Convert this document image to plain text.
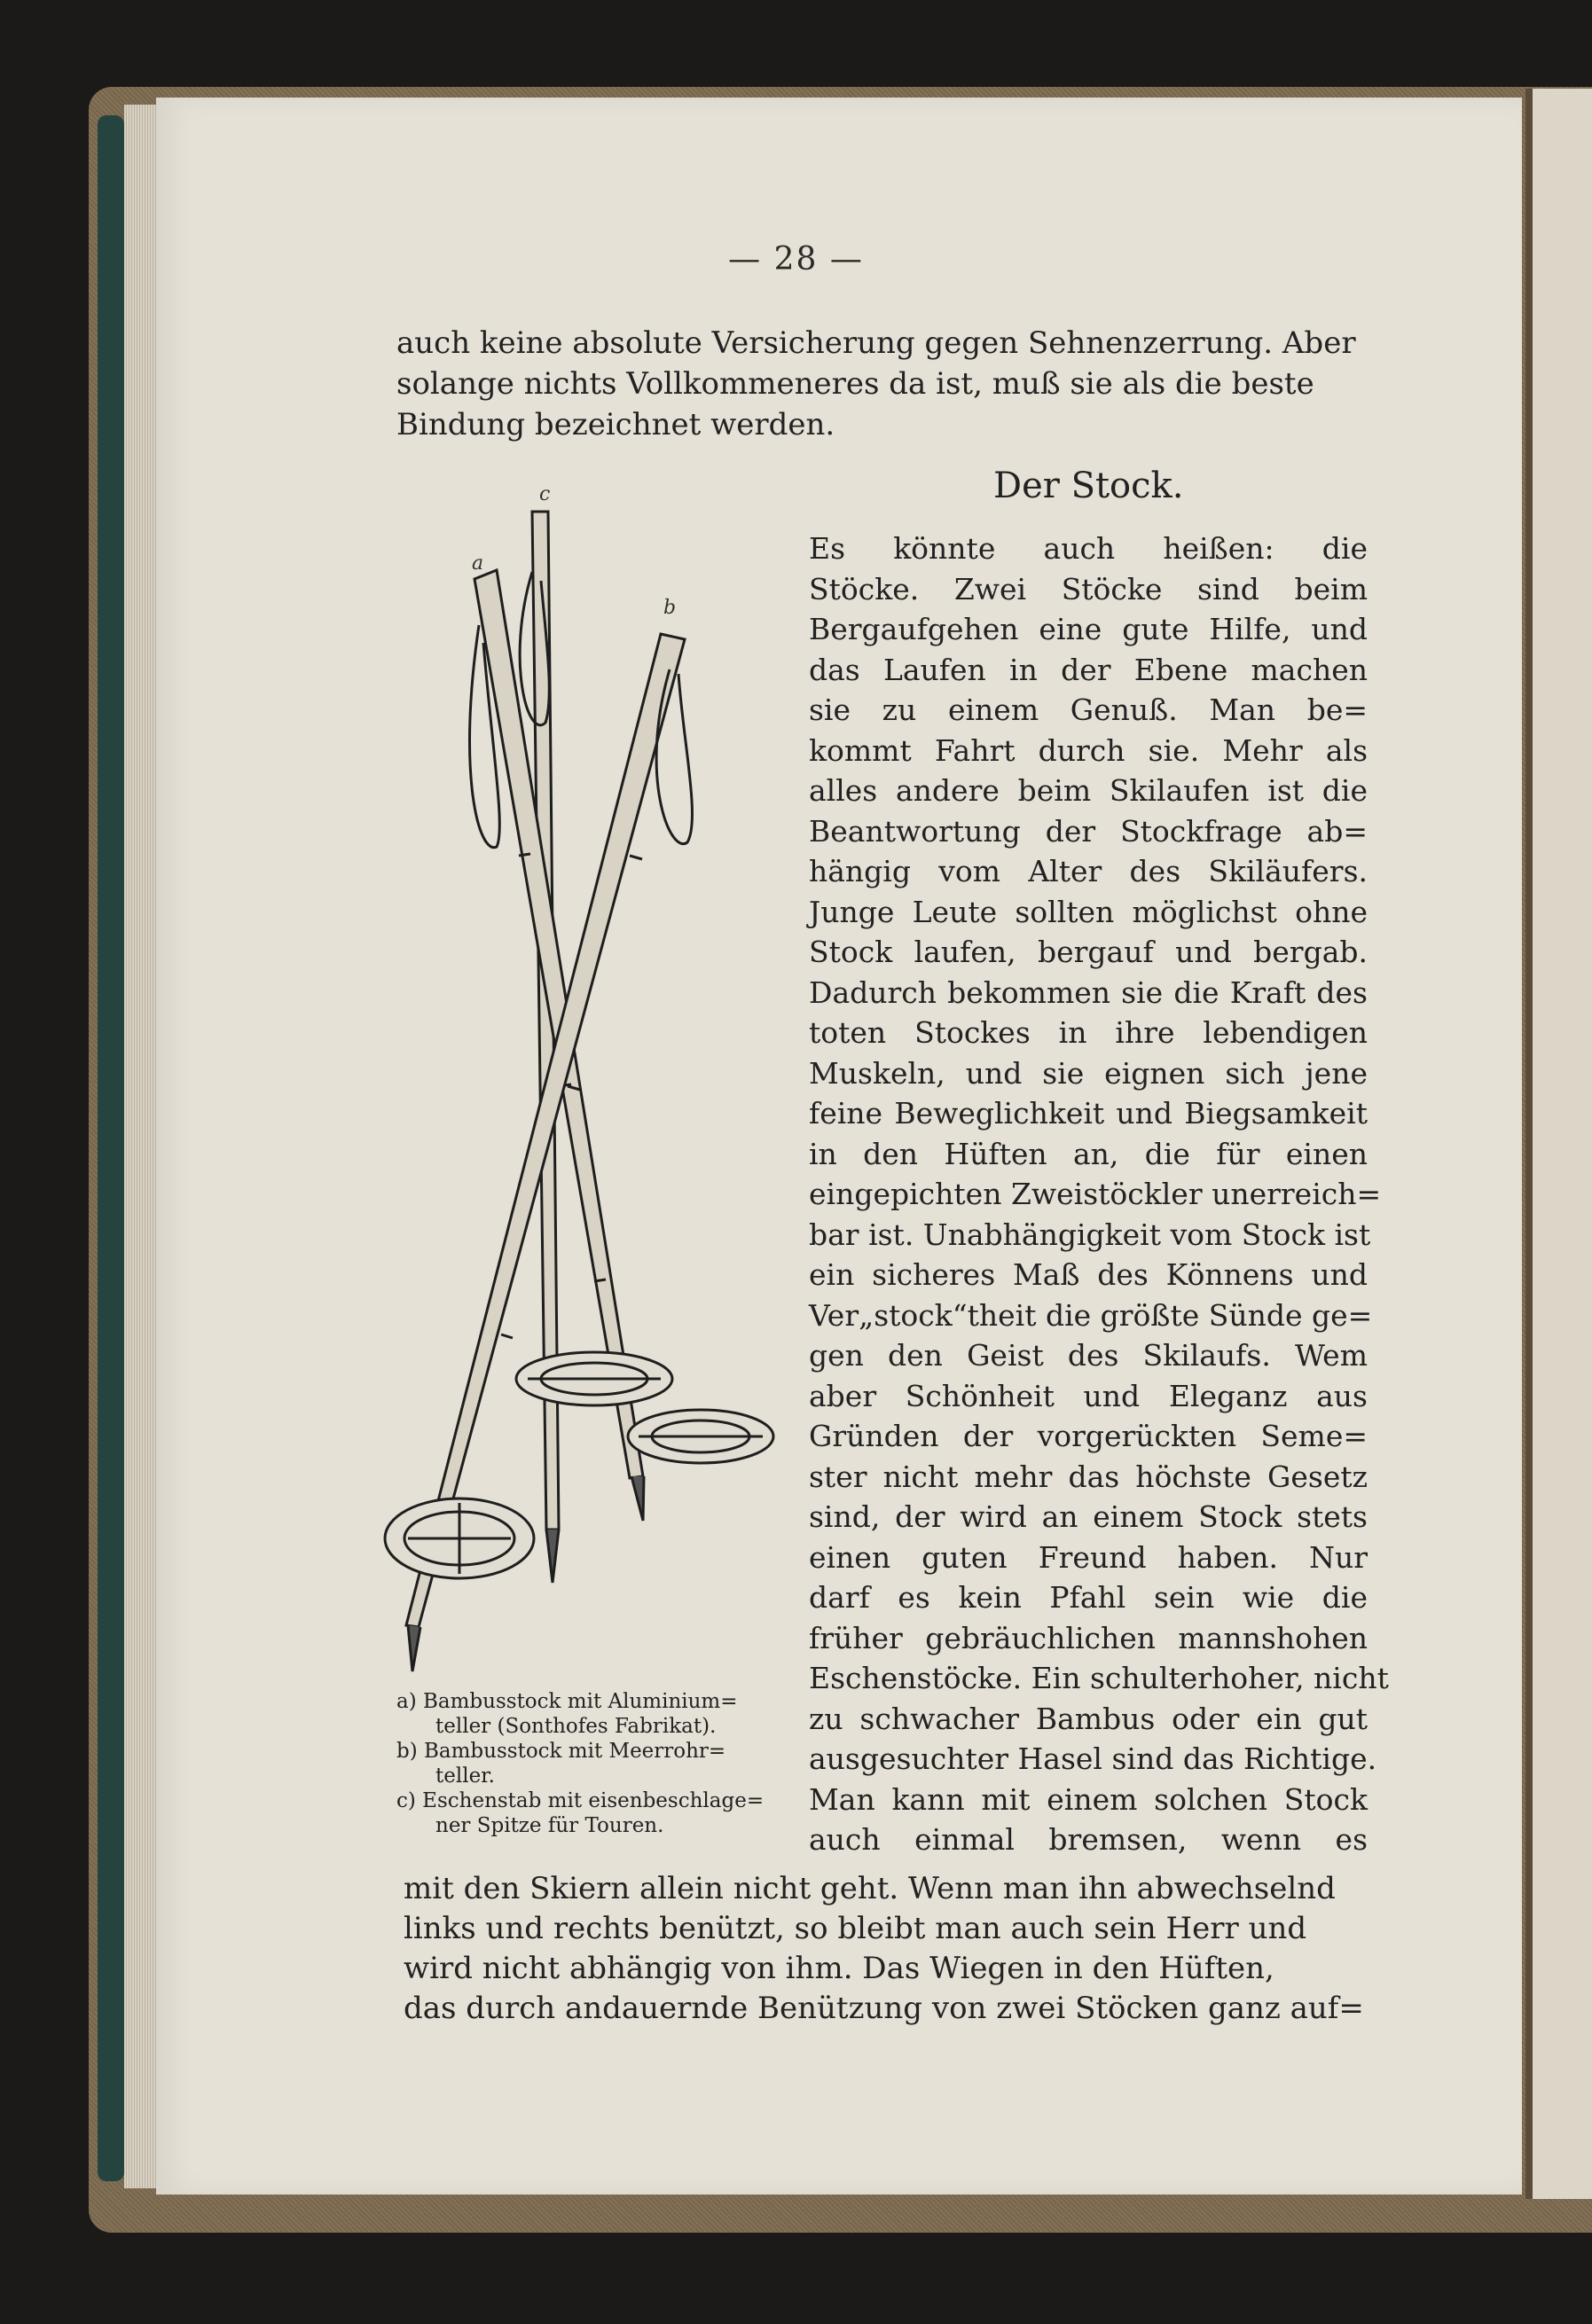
— 28 —
auch keine absolute Versicherung gegen Sehnenzerrung. Aber
solange nichts Vollkommeneres da ist, muß sie als die beste
Bindung bezeichnet werden.
Der Stock.
Es könnte auch heißen: die
Stöcke. Zwei Stöcke sind beim
Bergaufgehen eine gute Hilfe, und
das Laufen in der Ebene machen
sie zu einem Genuß. Man be=
kommt Fahrt durch sie. Mehr als
alles andere beim Skilaufen ist die
Beantwortung der Stockfrage ab=
hängig vom Alter des Skiläufers.
Junge Leute sollten möglichst ohne
Stock laufen, bergauf und bergab.
Dadurch bekommen sie die Kraft des
toten Stockes in ihre lebendigen
Muskeln, und sie eignen sich jene
feine Beweglichkeit und Biegsamkeit
in den Hüften an, die für einen
eingepichten Zweistöckler unerreich=
bar ist. Unabhängigkeit vom Stock ist
ein sicheres Maß des Könnens und
Ver„stock“theit die größte Sünde ge=
gen den Geist des Skilaufs. Wem
aber Schönheit und Eleganz aus
Gründen der vorgerückten Seme=
ster nicht mehr das höchste Gesetz
sind, der wird an einem Stock stets
einen guten Freund haben. Nur
darf es kein Pfahl sein wie die
früher gebräuchlichen mannshohen
Eschenstöcke. Ein schulterhoher, nicht
zu schwacher Bambus oder ein gut
ausgesuchter Hasel sind das Richtige.
Man kann mit einem solchen Stock
auch einmal bremsen, wenn es
c
a
b
a) Bambusstock mit Aluminium=
teller (Sonthofes Fabrikat).
b) Bambusstock mit Meerrohr=
teller.
c) Eschenstab mit eisenbeschlage=
ner Spitze für Touren.
mit den Skiern allein nicht geht. Wenn man ihn abwechselnd
links und rechts benützt, so bleibt man auch sein Herr und
wird nicht abhängig von ihm. Das Wiegen in den Hüften,
das durch andauernde Benützung von zwei Stöcken ganz auf=
